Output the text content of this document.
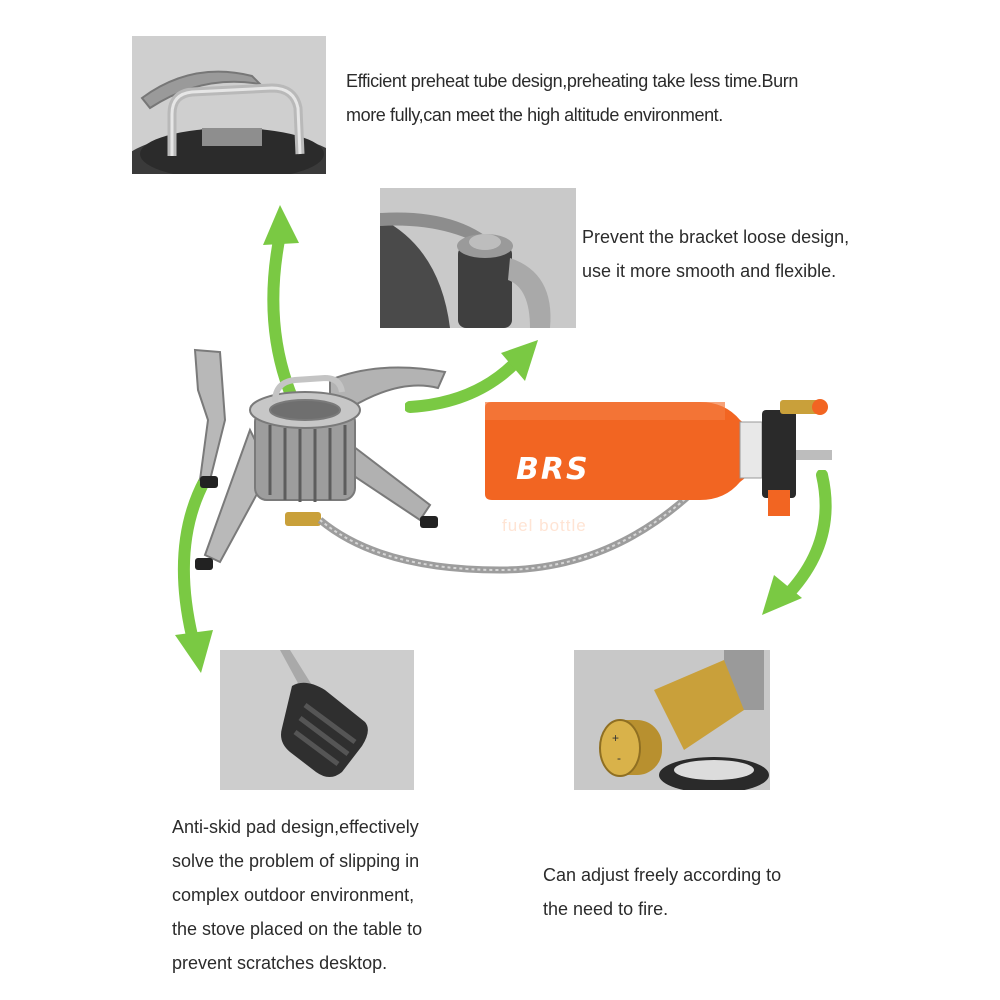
Efficient preheat tube design,preheating take less time.Burn
more fully,can meet the high altitude environment.

Prevent the bracket loose design,
use it more smooth and flexible.

BRS
fuel bottle

Anti-skid pad design,effectively
solve the problem of slipping in
complex outdoor environment,
the stove placed on the table to
prevent scratches desktop.

+
-

Can adjust freely according to
the need to fire.
